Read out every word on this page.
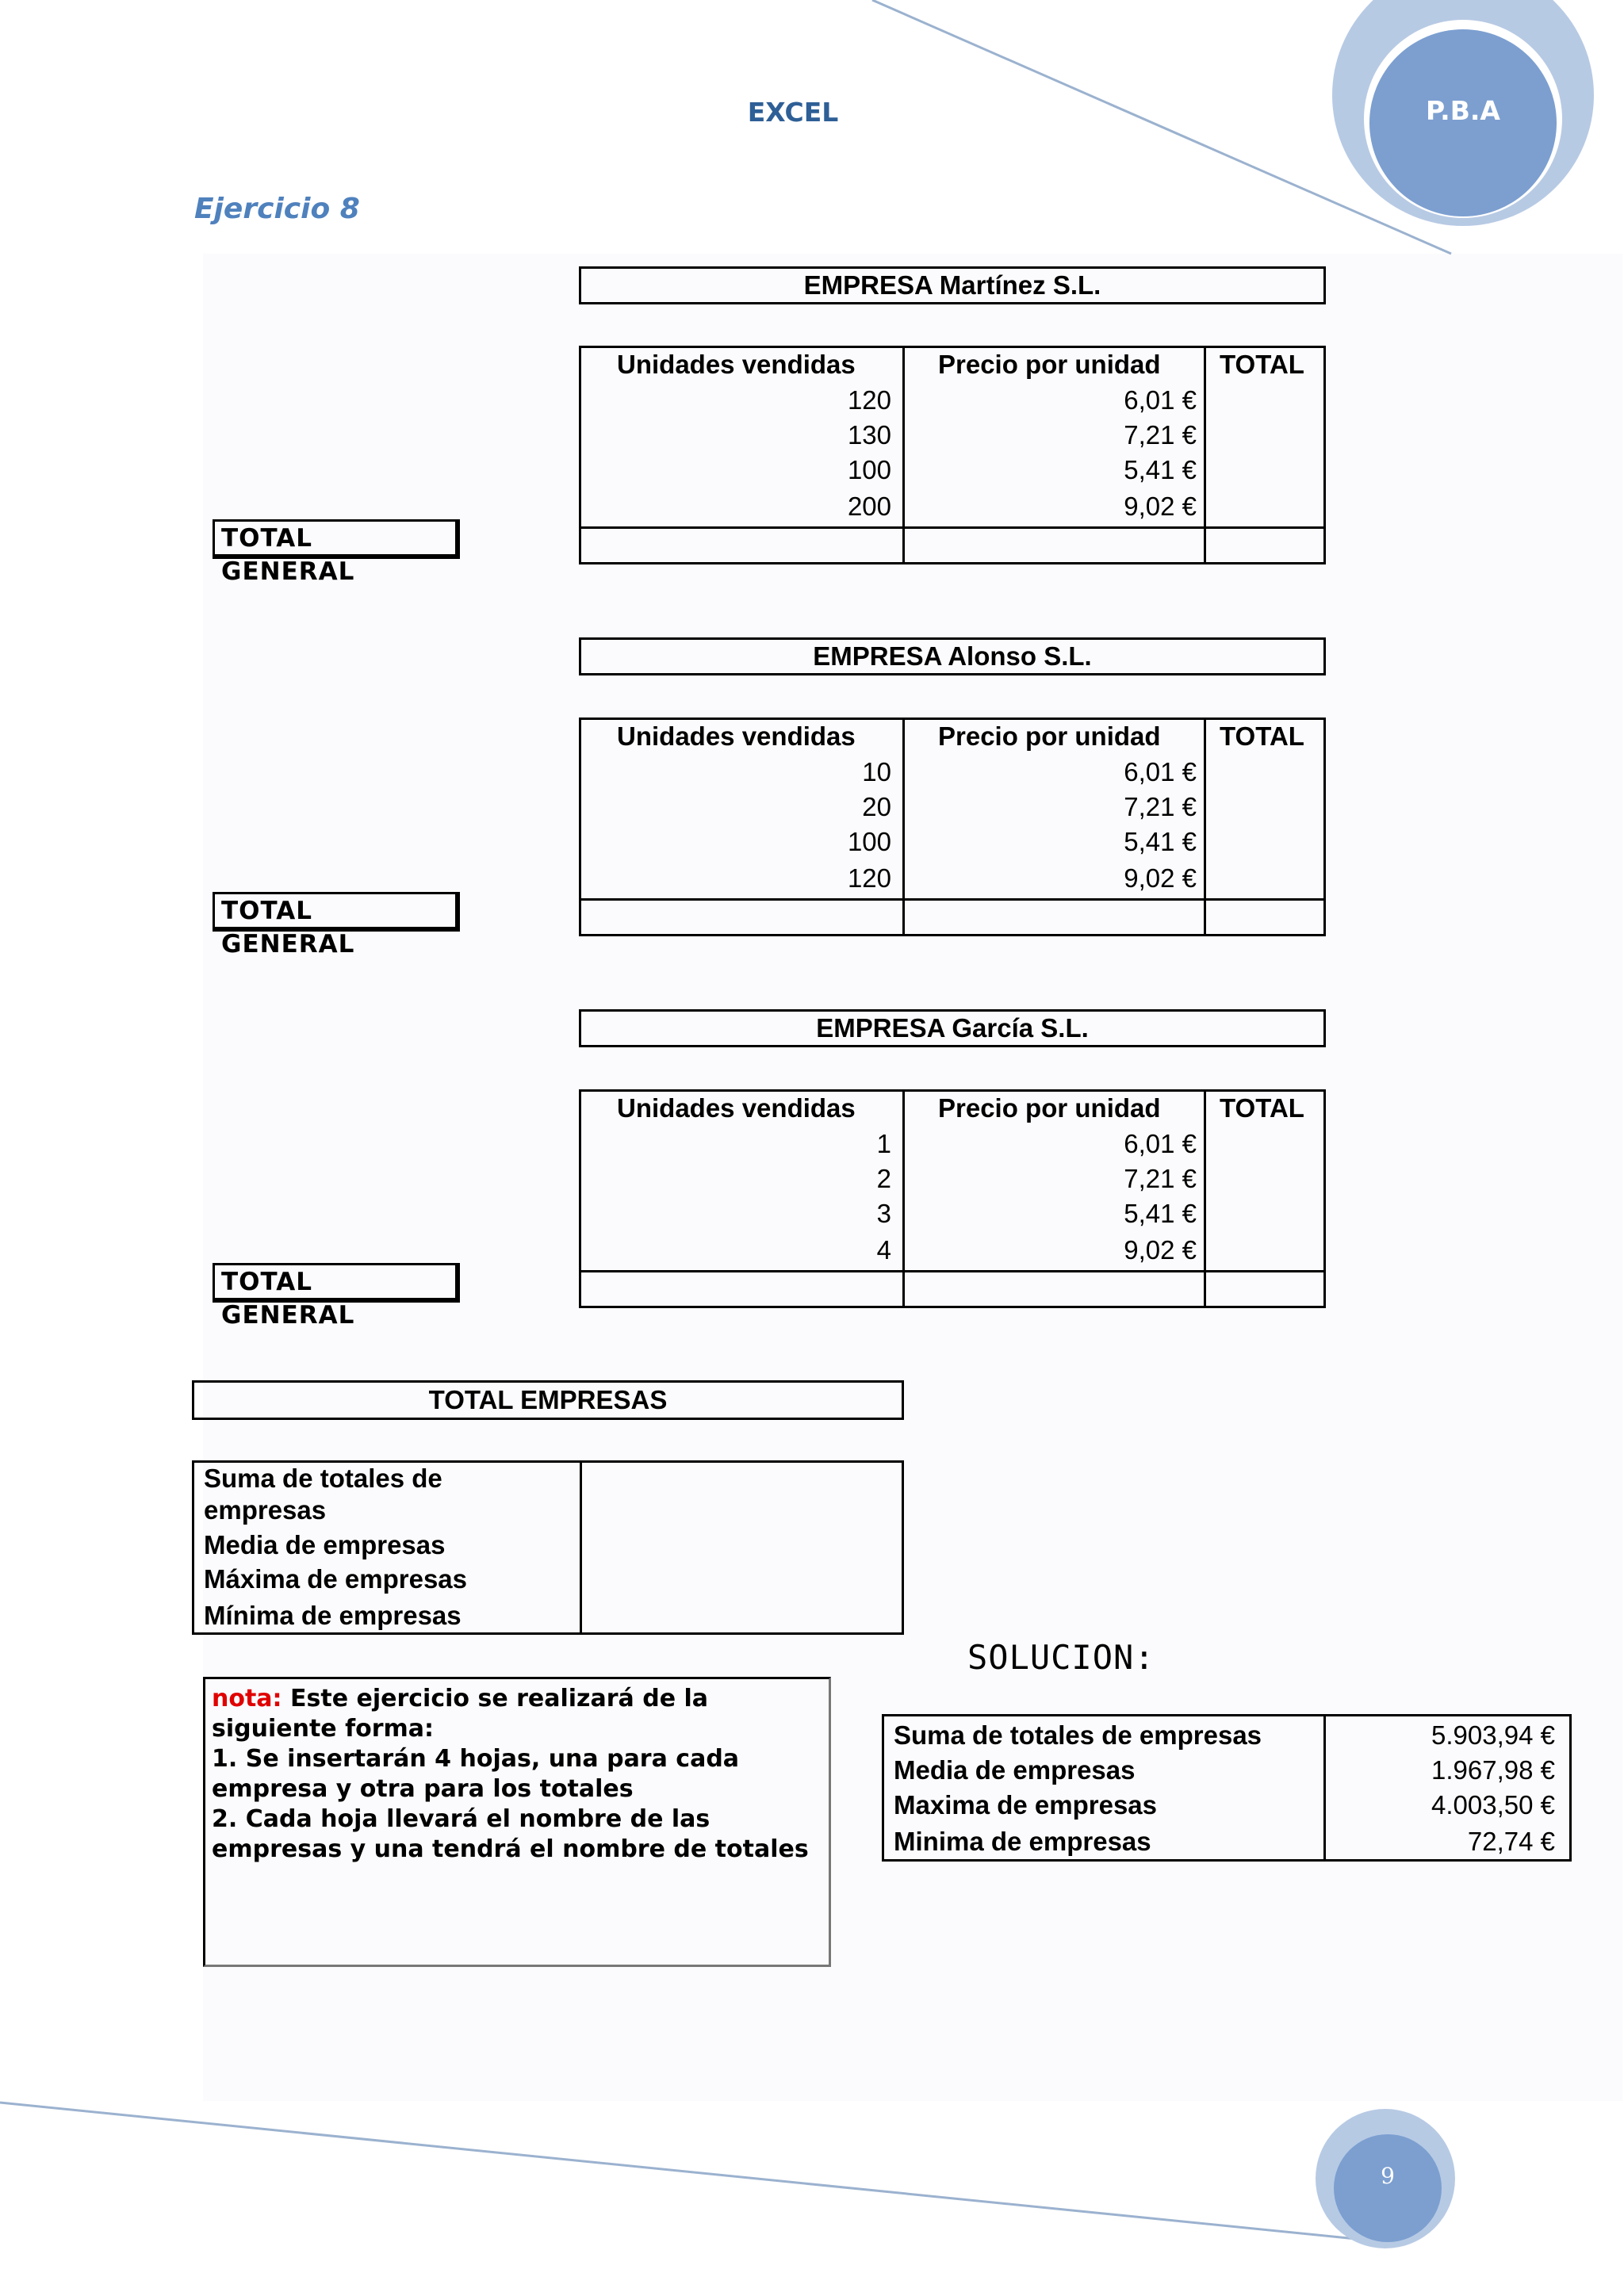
EXCEL	P.B.A
Ejercicio 8
EMPRESA Martínez S.L.
Unidades vendidas	Precio por unidad TOTAL
120	6,01 €
130	7,21 €
100	5,41 €
200	9,02 €
TOTAL GENERAL
EMPRESA Alonso S.L.
Unidades vendidas	Precio por unidad TOTAL
10	6,01 €
20	7,21 €
100	5,41 €
120	9,02 €
TOTAL GENERAL
EMPRESA García S.L.
Unidades vendidas	Precio por unidad TOTAL
1	6,01 €
2	7,21 €
3	5,41 €
4	9,02 €
TOTAL GENERAL
TOTAL EMPRESAS
Suma de totales de empresas
Media de empresas
Máxima de empresas
Mínima de empresas
nota: Este ejercicio se realizará de la siguiente forma:
1. Se insertarán 4 hojas, una para cada empresa y otra para los totales
2. Cada hoja llevará el nombre de las empresas y una tendrá el nombre de totales
SOLUCION:
Suma de totales de empresas	5.903,94 €
Media de empresas	1.967,98 €
Maxima de empresas	4.003,50 €
Minima de empresas	72,74 €
9
